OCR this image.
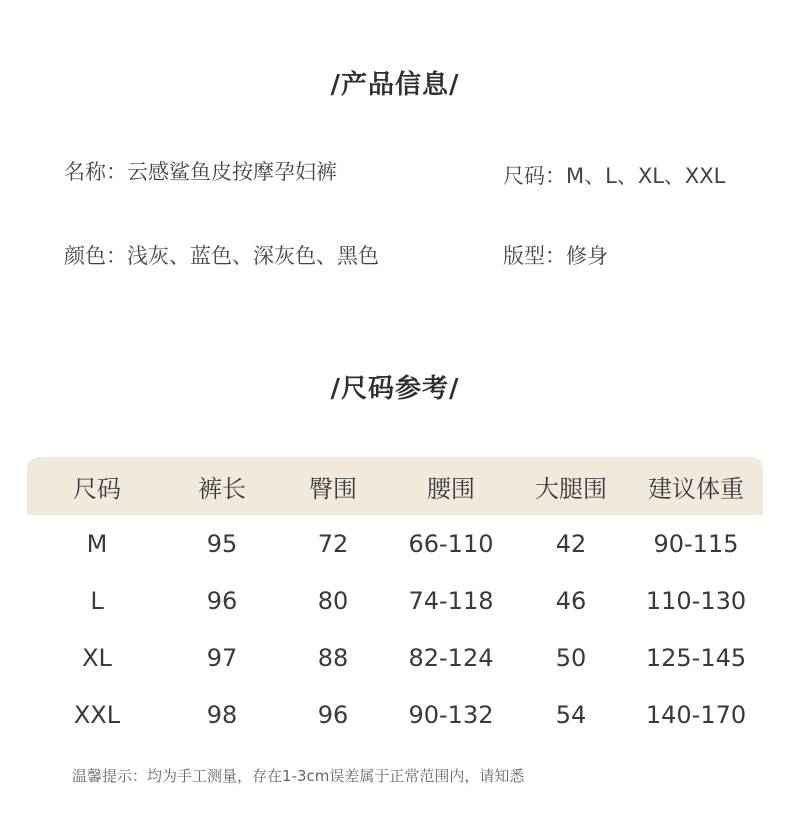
/产品信息/
名称：云感鲨鱼皮按摩孕妇裤	尺码：M、L、XL、XXL
颜色：浅灰、蓝色、深灰色、黑色	版型：修身
/尺码参考/
尺码	裤长	臀围	腰围	大腿围	建议体重
M	95	72	66-110	42	90-115
L	96	80	74-118	46	110-130
XL	97	88	82-124	50	125-145
XXL	98	96	90-132	54	140-170
温馨提示：均为手工测量，存在1-3cm误差属于正常范围内，请知悉
